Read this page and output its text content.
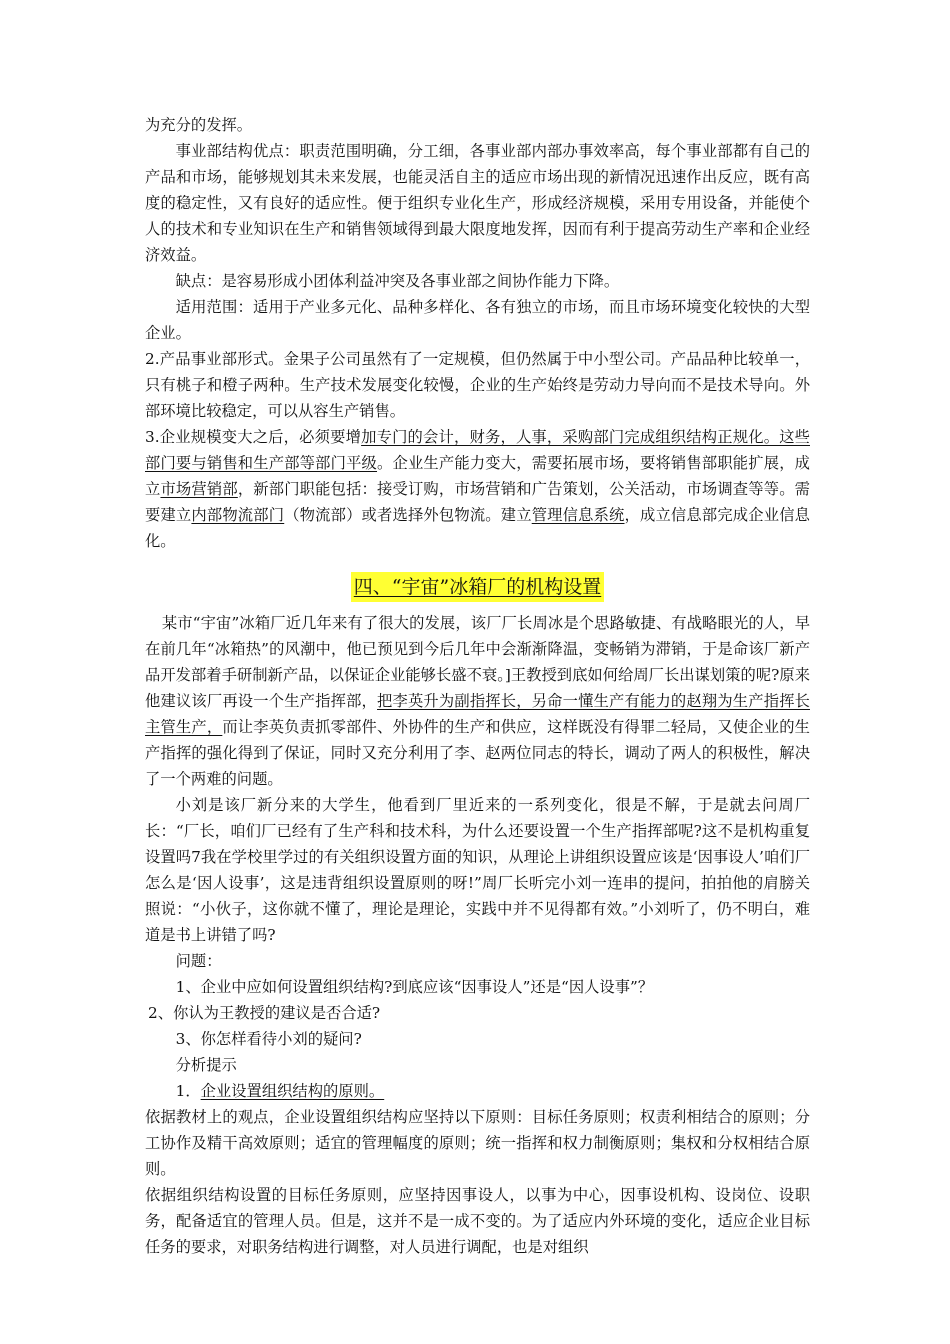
为充分的发挥。

事业部结构优点：职责范围明确，分工细，各事业部内部办事效率高，每个事业部都有自己的产品和市场，能够规划其未来发展，也能灵活自主的适应市场出现的新情况迅速作出反应，既有高度的稳定性，又有良好的适应性。便于组织专业化生产，形成经济规模，采用专用设备，并能使个人的技术和专业知识在生产和销售领域得到最大限度地发挥，因而有利于提高劳动生产率和企业经济效益。

缺点：是容易形成小团体利益冲突及各事业部之间协作能力下降。

适用范围：适用于产业多元化、品种多样化、各有独立的市场，而且市场环境变化较快的大型企业。

2.产品事业部形式。金果子公司虽然有了一定规模，但仍然属于中小型公司。产品品种比较单一，只有桃子和橙子两种。生产技术发展变化较慢，企业的生产始终是劳动力导向而不是技术导向。外部环境比较稳定，可以从容生产销售。

3.企业规模变大之后，必须要增加专门的会计，财务，人事，采购部门完成组织结构正规化。这些部门要与销售和生产部等部门平级。企业生产能力变大，需要拓展市场，要将销售部职能扩展，成立市场营销部，新部门职能包括：接受订购，市场营销和广告策划，公关活动，市场调查等等。需要建立内部物流部门（物流部）或者选择外包物流。建立管理信息系统，成立信息部完成企业信息化。

四、“宇宙”冰箱厂的机构设置

某市“宇宙”冰箱厂近几年来有了很大的发展，该厂厂长周冰是个思路敏捷、有战略眼光的人，早在前几年“冰箱热”的风潮中，他已预见到今后几年中会渐渐降温，变畅销为滞销，于是命该厂新产品开发部着手研制新产品，以保证企业能够长盛不衰。]王教授到底如何给周厂长出谋划策的呢?原来他建议该厂再设一个生产指挥部，把李英升为副指挥长，另命一懂生产有能力的赵翔为生产指挥长主管生产，而让李英负责抓零部件、外协件的生产和供应，这样既没有得罪二轻局，又使企业的生产指挥的强化得到了保证，同时又充分利用了李、赵两位同志的特长，调动了两人的积极性，解决了一个两难的问题。

小刘是该厂新分来的大学生，他看到厂里近来的一系列变化，很是不解，于是就去问周厂长：“厂长，咱们厂已经有了生产科和技术科，为什么还要设置一个生产指挥部呢?这不是机构重复设置吗7我在学校里学过的有关组织设置方面的知识，从理论上讲组织设置应该是‘因事设人’咱们厂怎么是‘因人设事’，这是违背组织设置原则的呀!”周厂长听完小刘一连串的提问，拍拍他的肩膀关照说：“小伙子，这你就不懂了，理论是理论，实践中并不见得都有效。”小刘听了，仍不明白，难道是书上讲错了吗?

问题：

1、企业中应如何设置组织结构?到底应该“因事设人”还是“因人设事”？

2、你认为王教授的建议是否合适?

3、你怎样看待小刘的疑问?

分析提示

1．企业设置组织结构的原则。

依据教材上的观点，企业设置组织结构应坚持以下原则：目标任务原则；权责利相结合的原则；分工协作及精干高效原则；适宜的管理幅度的原则；统一指挥和权力制衡原则；集权和分权相结合原则。

依据组织结构设置的目标任务原则，应坚持因事设人，以事为中心，因事设机构、设岗位、设职务，配备适宜的管理人员。但是，这并不是一成不变的。为了适应内外环境的变化，适应企业目标任务的要求，对职务结构进行调整，对人员进行调配，也是对组织
